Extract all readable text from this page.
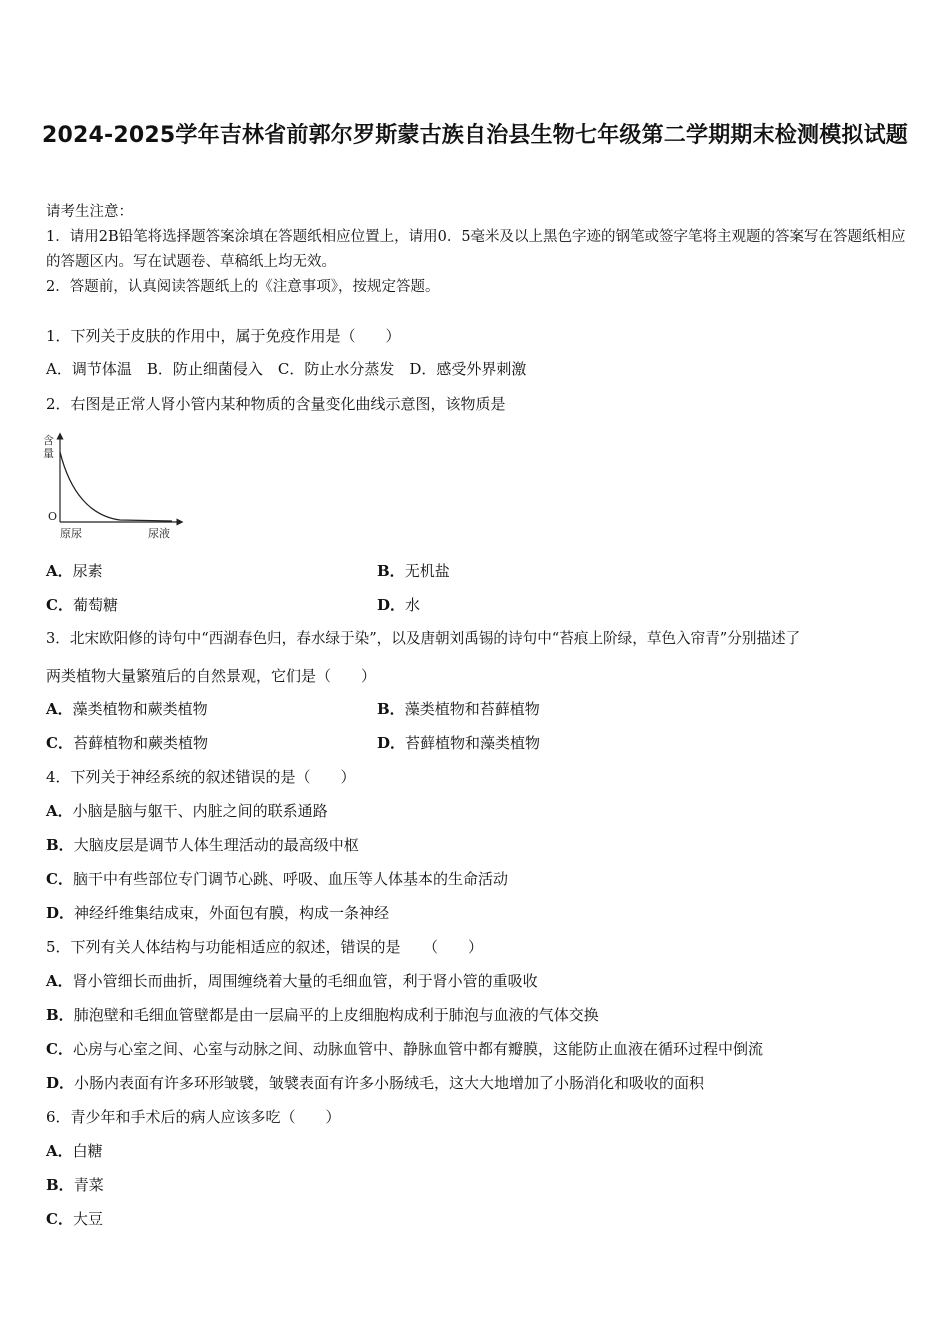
2024-2025学年吉林省前郭尔罗斯蒙古族自治县生物七年级第二学期期末检测模拟试题
请考生注意：
1．请用2B铅笔将选择题答案涂填在答题纸相应位置上，请用0．5毫米及以上黑色字迹的钢笔或签字笔将主观题的答案写在答题纸相应的答题区内。写在试题卷、草稿纸上均无效。
2．答题前，认真阅读答题纸上的《注意事项》，按规定答题。
1．下列关于皮肤的作用中，属于免疫作用是（　　）
A．调节体温　B．防止细菌侵入　C．防止水分蒸发　D．感受外界刺激
2．右图是正常人肾小管内某种物质的含量变化曲线示意图，该物质是
含
量
O
原尿	尿液
A．尿素	B．无机盐
C．葡萄糖	D．水
3．北宋欧阳修的诗句中“西湖春色归，春水绿于染”，以及唐朝刘禹锡的诗句中“苔痕上阶绿，草色入帘青”分别描述了
两类植物大量繁殖后的自然景观，它们是（　　）
A．藻类植物和蕨类植物	B．藻类植物和苔藓植物
C．苔藓植物和蕨类植物	D．苔藓植物和藻类植物
4．下列关于神经系统的叙述错误的是（　　）
A．小脑是脑与躯干、内脏之间的联系通路
B．大脑皮层是调节人体生理活动的最高级中枢
C．脑干中有些部位专门调节心跳、呼吸、血压等人体基本的生命活动
D．神经纤维集结成束，外面包有膜，构成一条神经
5．下列有关人体结构与功能相适应的叙述，错误的是　　（　　）
A．肾小管细长而曲折，周围缠绕着大量的毛细血管，利于肾小管的重吸收
B．肺泡壁和毛细血管壁都是由一层扁平的上皮细胞构成利于肺泡与血液的气体交换
C．心房与心室之间、心室与动脉之间、动脉血管中、静脉血管中都有瓣膜，这能防止血液在循环过程中倒流
D．小肠内表面有许多环形皱襞，皱襞表面有许多小肠绒毛，这大大地增加了小肠消化和吸收的面积
6．青少年和手术后的病人应该多吃（　　）
A．白糖
B．青菜
C．大豆
